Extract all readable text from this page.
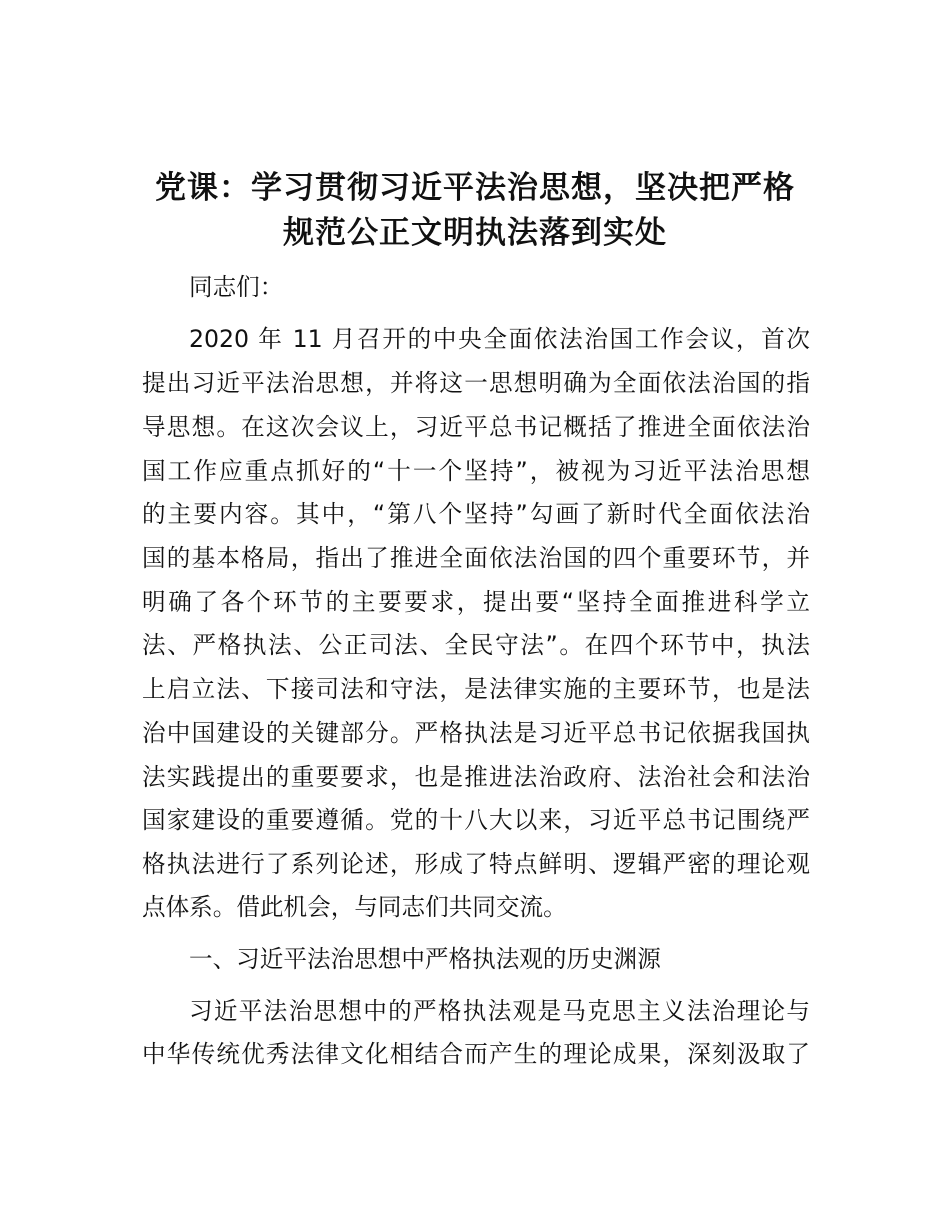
党课：学习贯彻习近平法治思想，坚决把严格
规范公正文明执法落到实处
同志们：
2020 年 11 月召开的中央全面依法治国工作会议，首次
提出习近平法治思想，并将这一思想明确为全面依法治国的指
导思想。在这次会议上，习近平总书记概括了推进全面依法治
国工作应重点抓好的“十一个坚持”，被视为习近平法治思想
的主要内容。其中，“第八个坚持”勾画了新时代全面依法治
国的基本格局，指出了推进全面依法治国的四个重要环节，并
明确了各个环节的主要要求，提出要“坚持全面推进科学立
法、严格执法、公正司法、全民守法”。在四个环节中，执法
上启立法、下接司法和守法，是法律实施的主要环节，也是法
治中国建设的关键部分。严格执法是习近平总书记依据我国执
法实践提出的重要要求，也是推进法治政府、法治社会和法治
国家建设的重要遵循。党的十八大以来，习近平总书记围绕严
格执法进行了系列论述，形成了特点鲜明、逻辑严密的理论观
点体系。借此机会，与同志们共同交流。
一、习近平法治思想中严格执法观的历史渊源
习近平法治思想中的严格执法观是马克思主义法治理论与
中华传统优秀法律文化相结合而产生的理论成果，深刻汲取了
